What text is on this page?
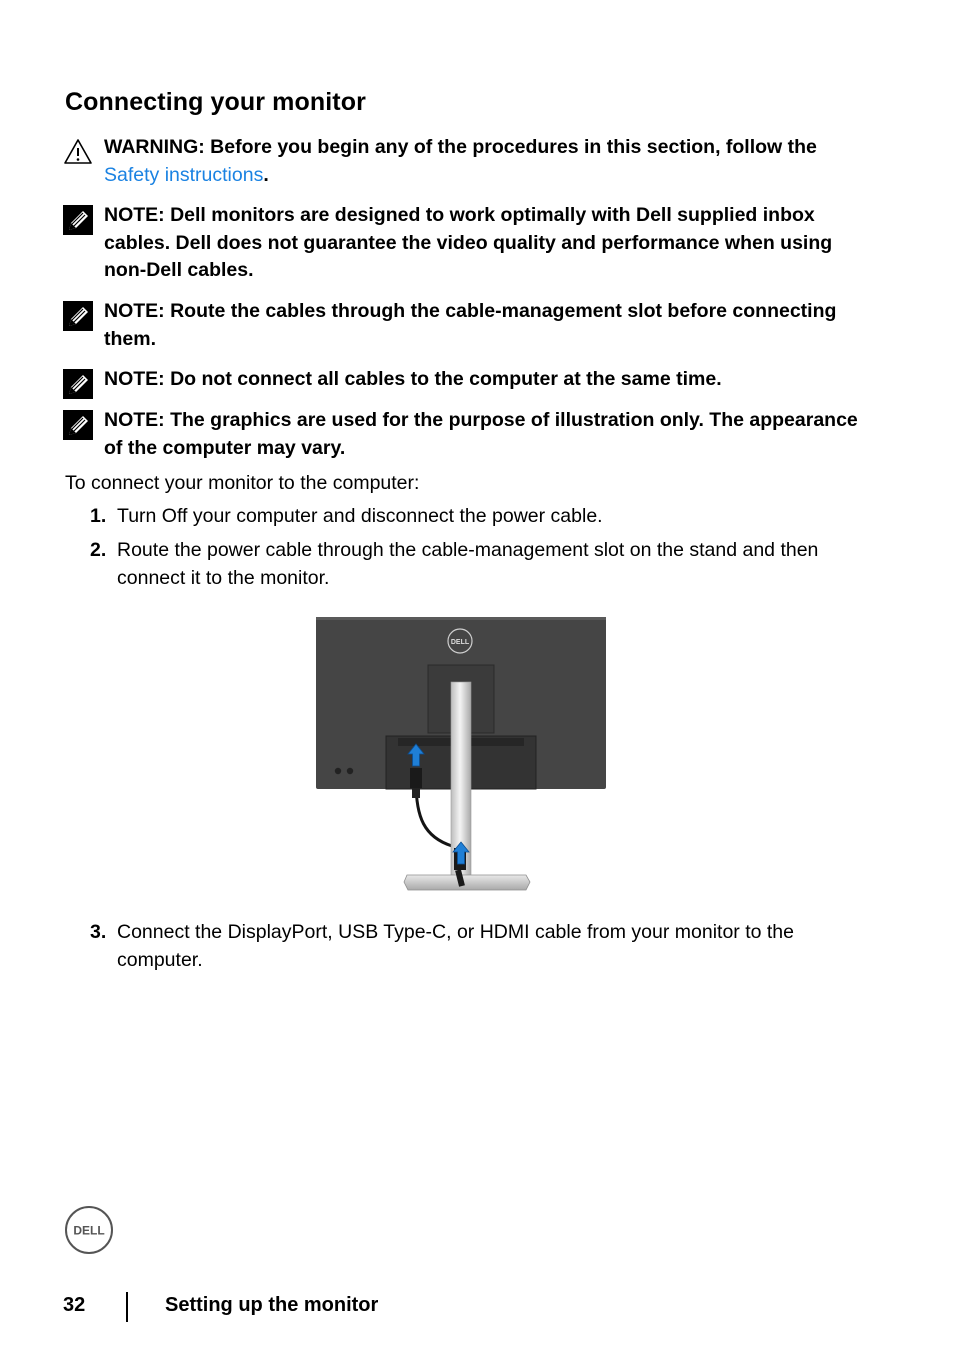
Connecting your monitor
WARNING: Before you begin any of the procedures in this section, follow the Safety instructions.
NOTE: Dell monitors are designed to work optimally with Dell supplied inbox cables. Dell does not guarantee the video quality and performance when using non-Dell cables.
NOTE: Route the cables through the cable-management slot before connecting them.
NOTE: Do not connect all cables to the computer at the same time.
NOTE: The graphics are used for the purpose of illustration only. The appearance of the computer may vary.
To connect your monitor to the computer:
1. Turn Off your computer and disconnect the power cable.
2. Route the power cable through the cable-management slot on the stand and then connect it to the monitor.
DELL
3. Connect the DisplayPort, USB Type-C, or HDMI cable from your monitor to the computer.
DELL
32	Setting up the monitor
